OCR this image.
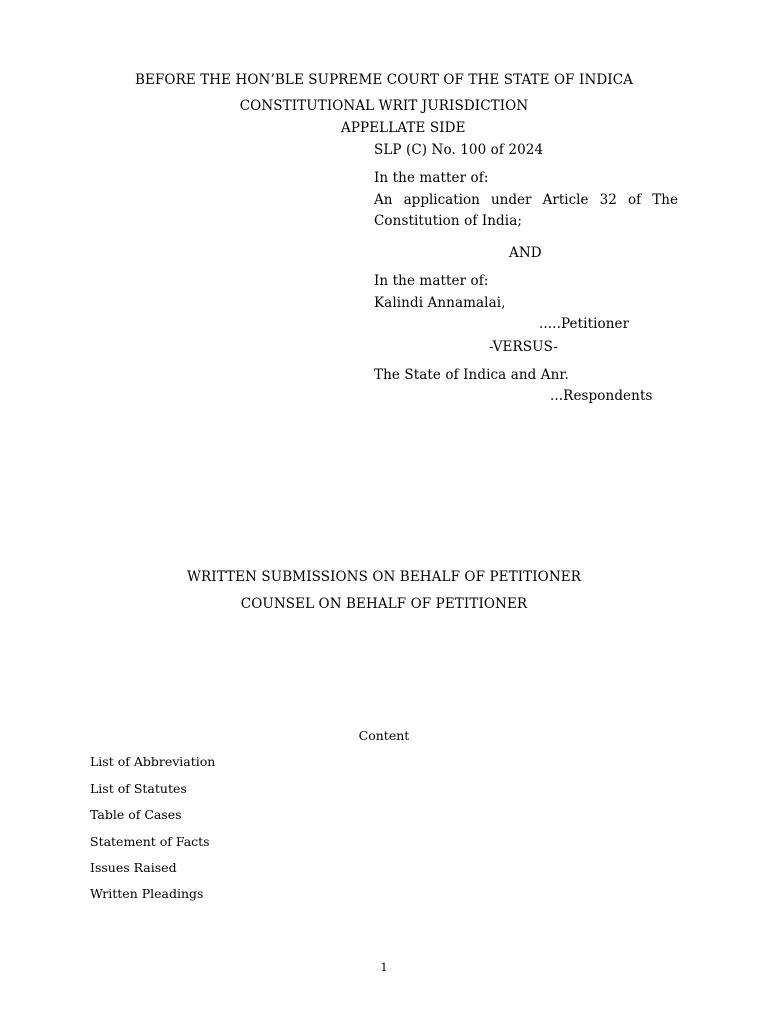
BEFORE THE HON’BLE SUPREME COURT OF THE STATE OF INDICA
CONSTITUTIONAL WRIT JURISDICTION
APPELLATE SIDE
SLP (C) No. 100 of 2024
In the matter of:
An application under Article 32 of The
Constitution of India;
AND
In the matter of:
Kalindi Annamalai,
.....Petitioner
-VERSUS-
The State of Indica and Anr.
...Respondents
WRITTEN SUBMISSIONS ON BEHALF OF PETITIONER
COUNSEL ON BEHALF OF PETITIONER
Content
List of Abbreviation
List of Statutes
Table of Cases
Statement of Facts
Issues Raised
Written Pleadings
1
